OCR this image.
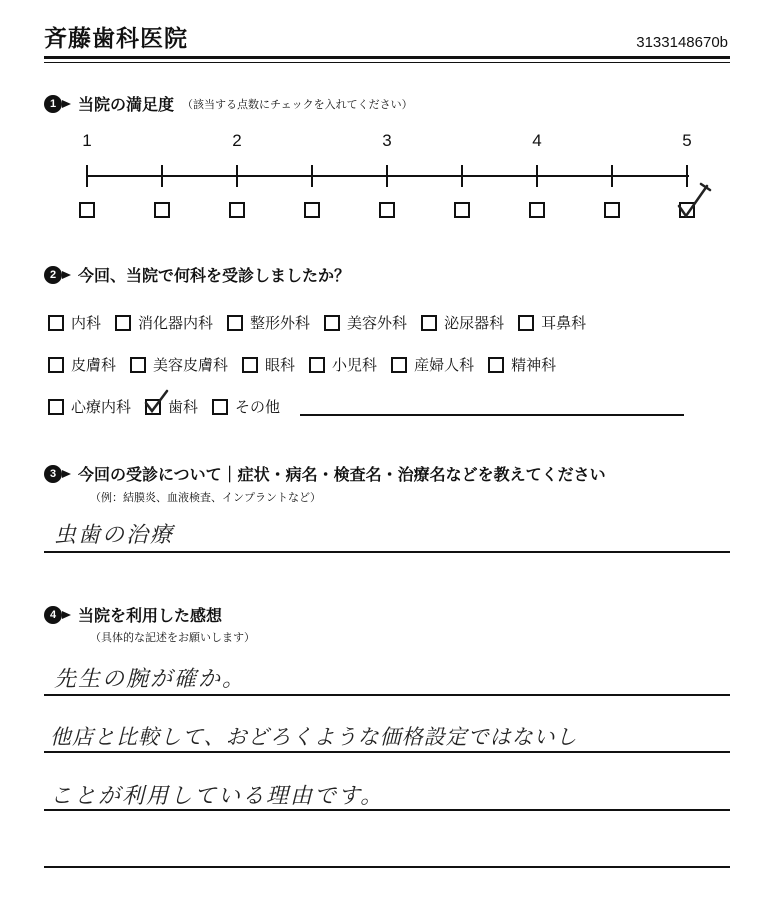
斉藤歯科医院	3133148670b
1	当院の満足度 （該当する点数にチェックを入れてください）
1	2	3	4	5
2	今回、当院で何科を受診しましたか？
内科 消化器内科 整形外科 美容外科 泌尿器科 耳鼻科
皮膚科 美容皮膚科 眼科 小児科 産婦人科 精神科
心療内科 歯科 その他
3	今回の受診について｜症状・病名・検査名・治療名などを教えてください
（例：結膜炎、血液検査、インプラントなど）
虫歯の治療
4	当院を利用した感想
（具体的な記述をお願いします）
先生の腕が確か。
他店と比較して、おどろくような価格設定ではないし
ことが利用している理由です。
